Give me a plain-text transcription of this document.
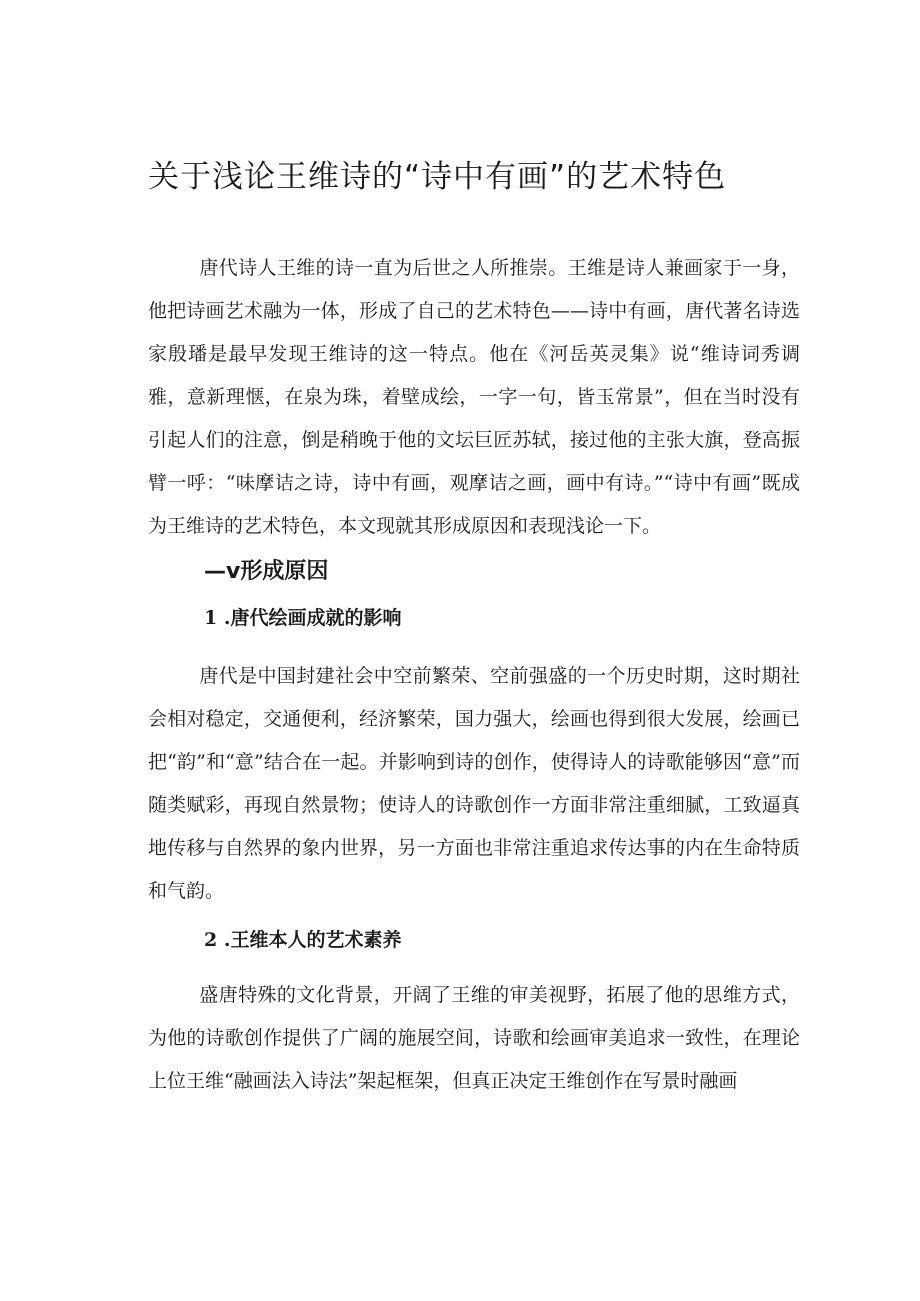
关于浅论王维诗的“诗中有画”的艺术特色

唐代诗人王维的诗一直为后世之人所推崇。王维是诗人兼画家于一身，他把诗画艺术融为一体，形成了自己的艺术特色——诗中有画，唐代著名诗选家殷璠是最早发现王维诗的这一特点。他在《河岳英灵集》说“维诗词秀调雅，意新理惬，在泉为珠，着壁成绘，一字一句，皆玉常景”，但在当时没有引起人们的注意，倒是稍晚于他的文坛巨匠苏轼，接过他的主张大旗，登高振臂一呼：“味摩诘之诗，诗中有画，观摩诘之画，画中有诗。”“诗中有画”既成为王维诗的艺术特色，本文现就其形成原因和表现浅论一下。

—v形成原因
1 .唐代绘画成就的影响

唐代是中国封建社会中空前繁荣、空前强盛的一个历史时期，这时期社会相对稳定，交通便利，经济繁荣，国力强大，绘画也得到很大发展，绘画已把“韵”和“意”结合在一起。并影响到诗的创作，使得诗人的诗歌能够因“意”而随类赋彩，再现自然景物；使诗人的诗歌创作一方面非常注重细腻，工致逼真地传移与自然界的象内世界，另一方面也非常注重追求传达事的内在生命特质和气韵。

2 .王维本人的艺术素养

盛唐特殊的文化背景，开阔了王维的审美视野，拓展了他的思维方式，为他的诗歌创作提供了广阔的施展空间，诗歌和绘画审美追求一致性，在理论上位王维“融画法入诗法”架起框架，但真正决定王维创作在写景时融画
